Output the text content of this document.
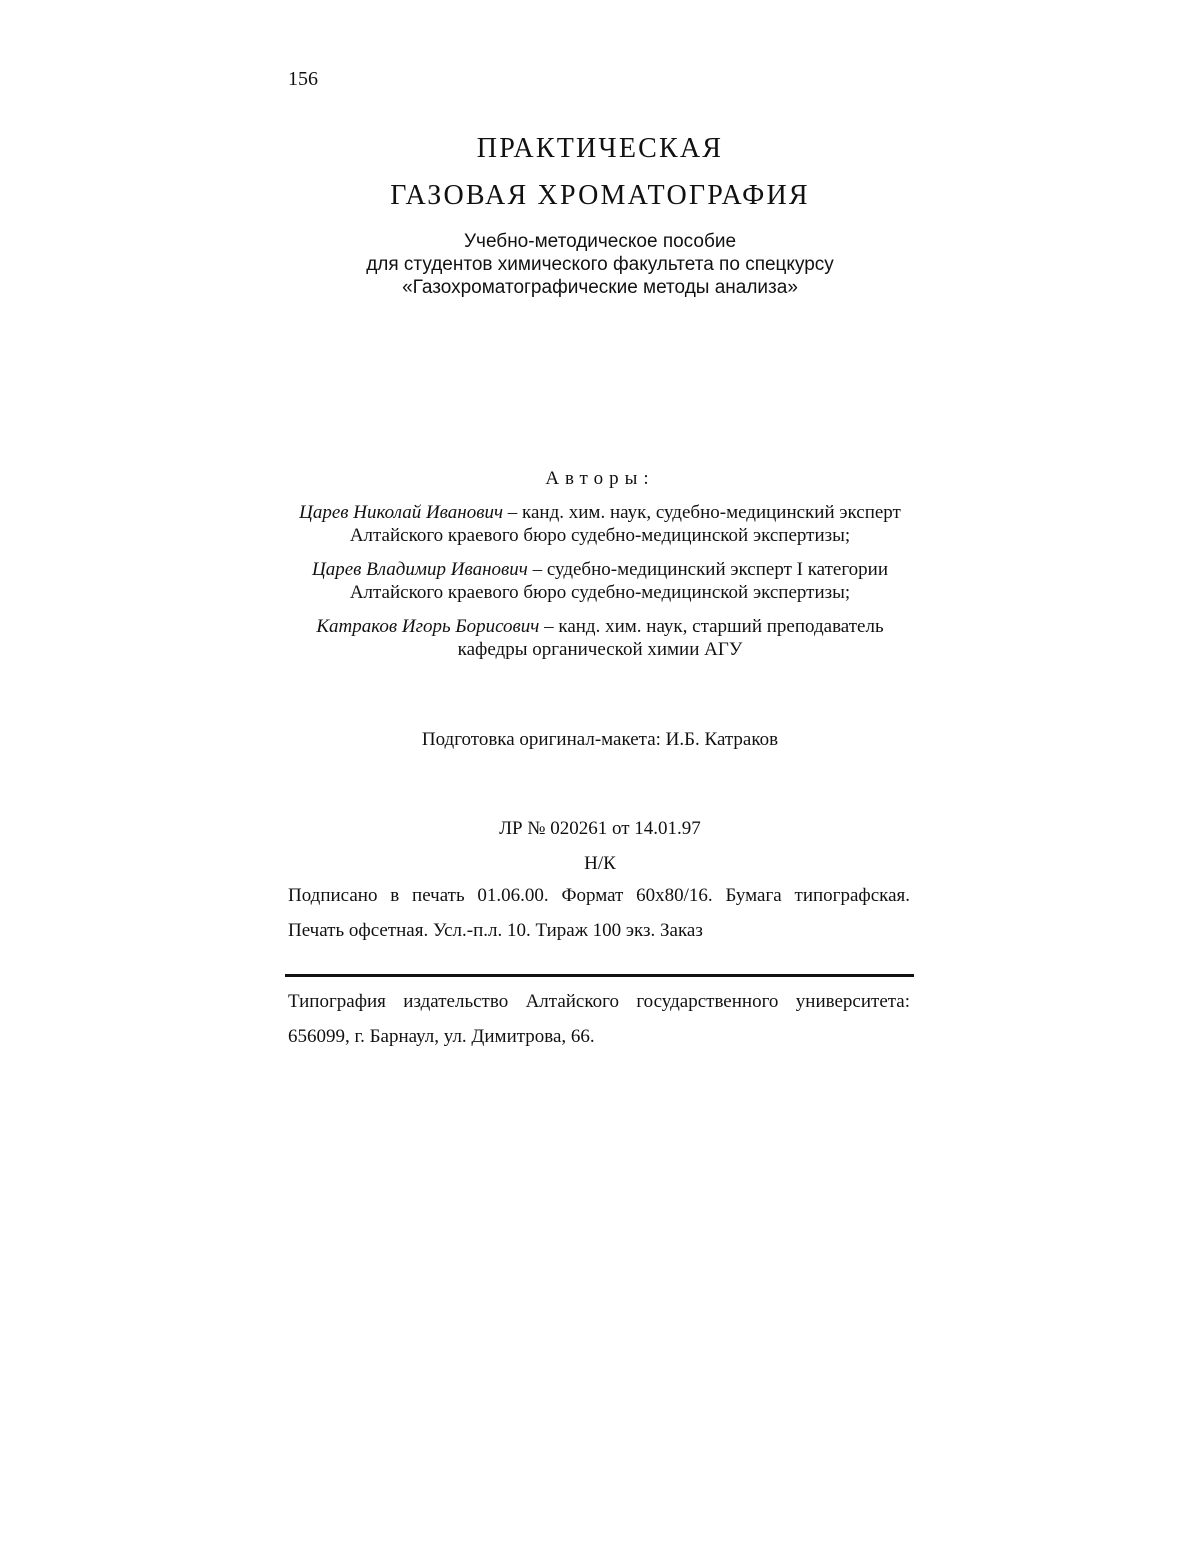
156
ПРАКТИЧЕСКАЯ
ГАЗОВАЯ ХРОМАТОГРАФИЯ
Учебно-методическое пособие
для студентов химического факультета по спецкурсу
«Газохроматографические методы анализа»
Авторы:
Царев Николай Иванович – канд. хим. наук, судебно-медицинский эксперт
Алтайского краевого бюро судебно-медицинской экспертизы;
Царев Владимир Иванович – судебно-медицинский эксперт I категории
Алтайского краевого бюро судебно-медицинской экспертизы;
Катраков Игорь Борисович – канд. хим. наук, старший преподаватель
кафедры органической химии АГУ
Подготовка оригинал-макета: И.Б. Катраков
ЛР № 020261 от 14.01.97
Н/К
Подписано в печать 01.06.00. Формат 60x80/16. Бумага типографская.
Печать офсетная. Усл.-п.л. 10. Тираж 100 экз. Заказ
Типография издательство Алтайского государственного университета:
656099, г. Барнаул, ул. Димитрова, 66.
